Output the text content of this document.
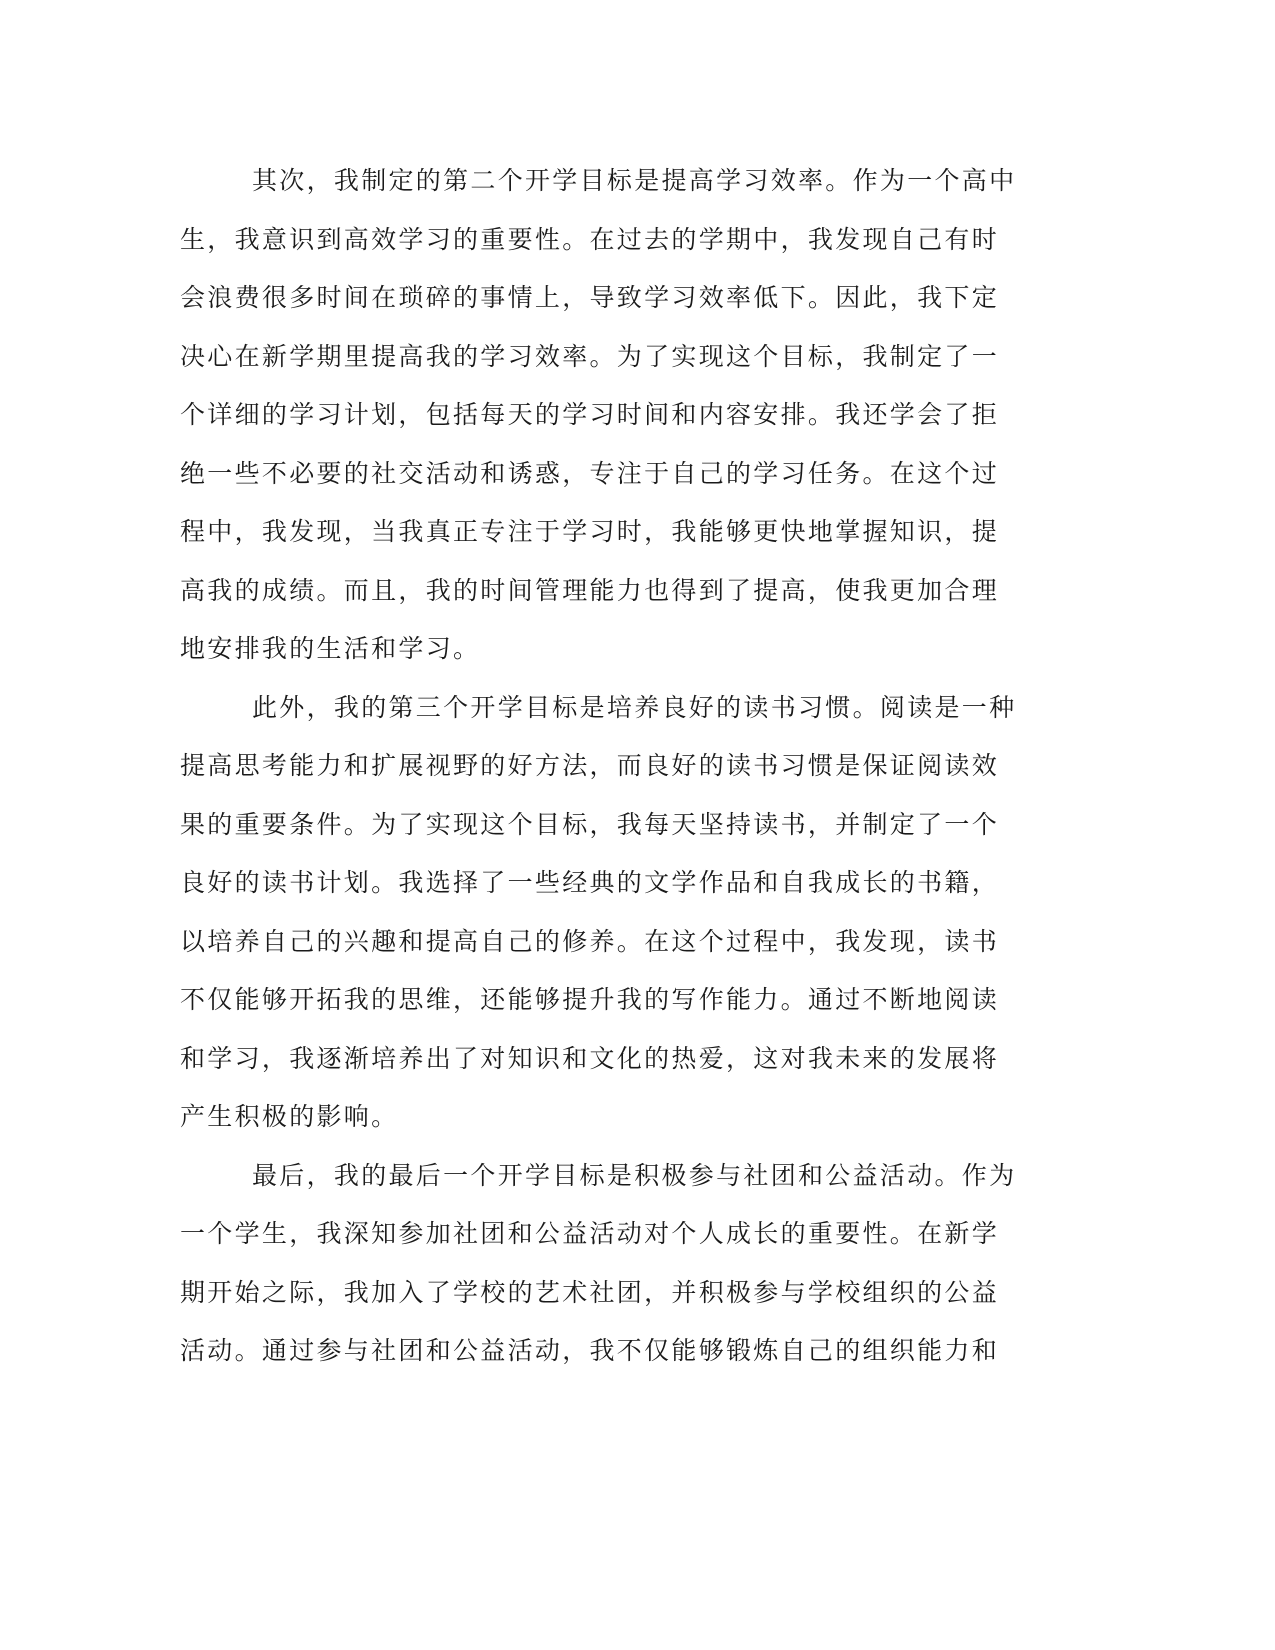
其次，我制定的第二个开学目标是提高学习效率。作为一个高中
生，我意识到高效学习的重要性。在过去的学期中，我发现自己有时
会浪费很多时间在琐碎的事情上，导致学习效率低下。因此，我下定
决心在新学期里提高我的学习效率。为了实现这个目标，我制定了一
个详细的学习计划，包括每天的学习时间和内容安排。我还学会了拒
绝一些不必要的社交活动和诱惑，专注于自己的学习任务。在这个过
程中，我发现，当我真正专注于学习时，我能够更快地掌握知识，提
高我的成绩。而且，我的时间管理能力也得到了提高，使我更加合理
地安排我的生活和学习。
此外，我的第三个开学目标是培养良好的读书习惯。阅读是一种
提高思考能力和扩展视野的好方法，而良好的读书习惯是保证阅读效
果的重要条件。为了实现这个目标，我每天坚持读书，并制定了一个
良好的读书计划。我选择了一些经典的文学作品和自我成长的书籍，
以培养自己的兴趣和提高自己的修养。在这个过程中，我发现，读书
不仅能够开拓我的思维，还能够提升我的写作能力。通过不断地阅读
和学习，我逐渐培养出了对知识和文化的热爱，这对我未来的发展将
产生积极的影响。
最后，我的最后一个开学目标是积极参与社团和公益活动。作为
一个学生，我深知参加社团和公益活动对个人成长的重要性。在新学
期开始之际，我加入了学校的艺术社团，并积极参与学校组织的公益
活动。通过参与社团和公益活动，我不仅能够锻炼自己的组织能力和
